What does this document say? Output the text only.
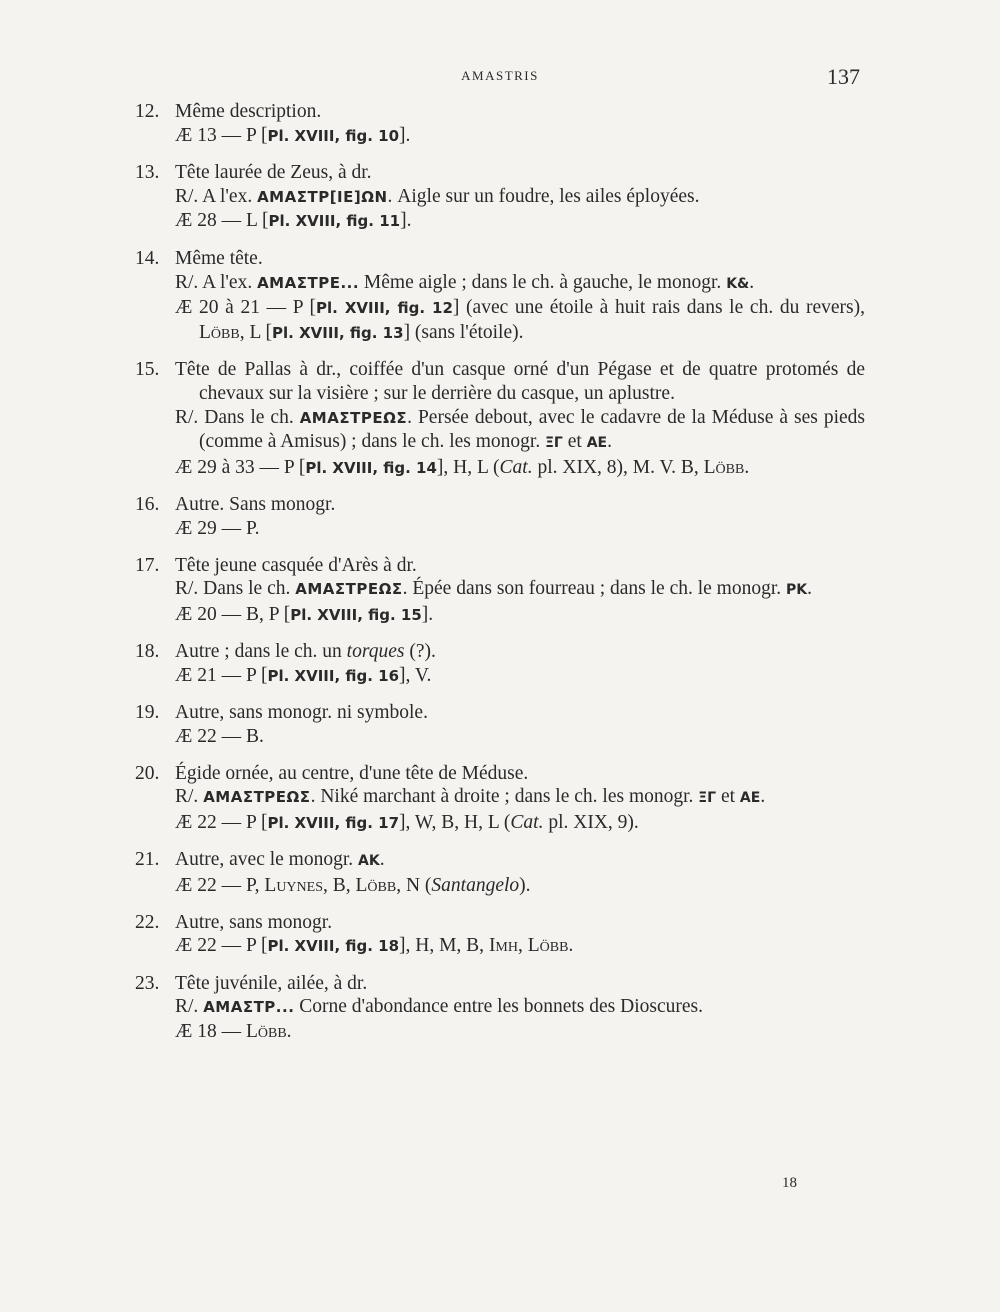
AMASTRIS	137
12. Même description.
Æ 13 — P [Pl. XVIII, fig. 10].
13. Tête laurée de Zeus, à dr.
R/. A l'ex. ΑΜΑΣΤΡ[ΙΕ]ΩΝ. Aigle sur un foudre, les ailes éployées.
Æ 28 — L [Pl. XVIII, fig. 11].
14. Même tête.
R/. A l'ex. ΑΜΑΣΤΡΕ... Même aigle ; dans le ch. à gauche, le monogr. K&.
Æ 20 à 21 — P [Pl. XVIII, fig. 12] (avec une étoile à huit rais dans le ch. du revers), Löbb, L [Pl. XVIII, fig. 13] (sans l'étoile).
15. Tête de Pallas à dr., coiffée d'un casque orné d'un Pégase et de quatre protomés de chevaux sur la visière ; sur le derrière du casque, un aplustre.
R/. Dans le ch. ΑΜΑΣΤΡΕΩΣ. Persée debout, avec le cadavre de la Méduse à ses pieds (comme à Amisus) ; dans le ch. les monogr. ΞΓ et ΑΕ.
Æ 29 à 33 — P [Pl. XVIII, fig. 14], H, L (Cat. pl. XIX, 8), M. V. B, Löbb.
16. Autre. Sans monogr.
Æ 29 — P.
17. Tête jeune casquée d'Arès à dr.
R/. Dans le ch. ΑΜΑΣΤΡΕΩΣ. Épée dans son fourreau ; dans le ch. le monogr. ΡΚ.
Æ 20 — B, P [Pl. XVIII, fig. 15].
18. Autre ; dans le ch. un torques (?).
Æ 21 — P [Pl. XVIII, fig. 16], V.
19. Autre, sans monogr. ni symbole.
Æ 22 — B.
20. Égide ornée, au centre, d'une tête de Méduse.
R/. ΑΜΑΣΤΡΕΩΣ. Niké marchant à droite ; dans le ch. les monogr. ΞΓ et ΑΕ.
Æ 22 — P [Pl. XVIII, fig. 17], W, B, H, L (Cat. pl. XIX, 9).
21. Autre, avec le monogr. ΑΚ.
Æ 22 — P, Luynes, B, Löbb, N (Santangelo).
22. Autre, sans monogr.
Æ 22 — P [Pl. XVIII, fig. 18], H, M, B, Imh, Löbb.
23. Tête juvénile, ailée, à dr.
R/. ΑΜΑΣΤΡ... Corne d'abondance entre les bonnets des Dioscures.
Æ 18 — Löbb.
18
